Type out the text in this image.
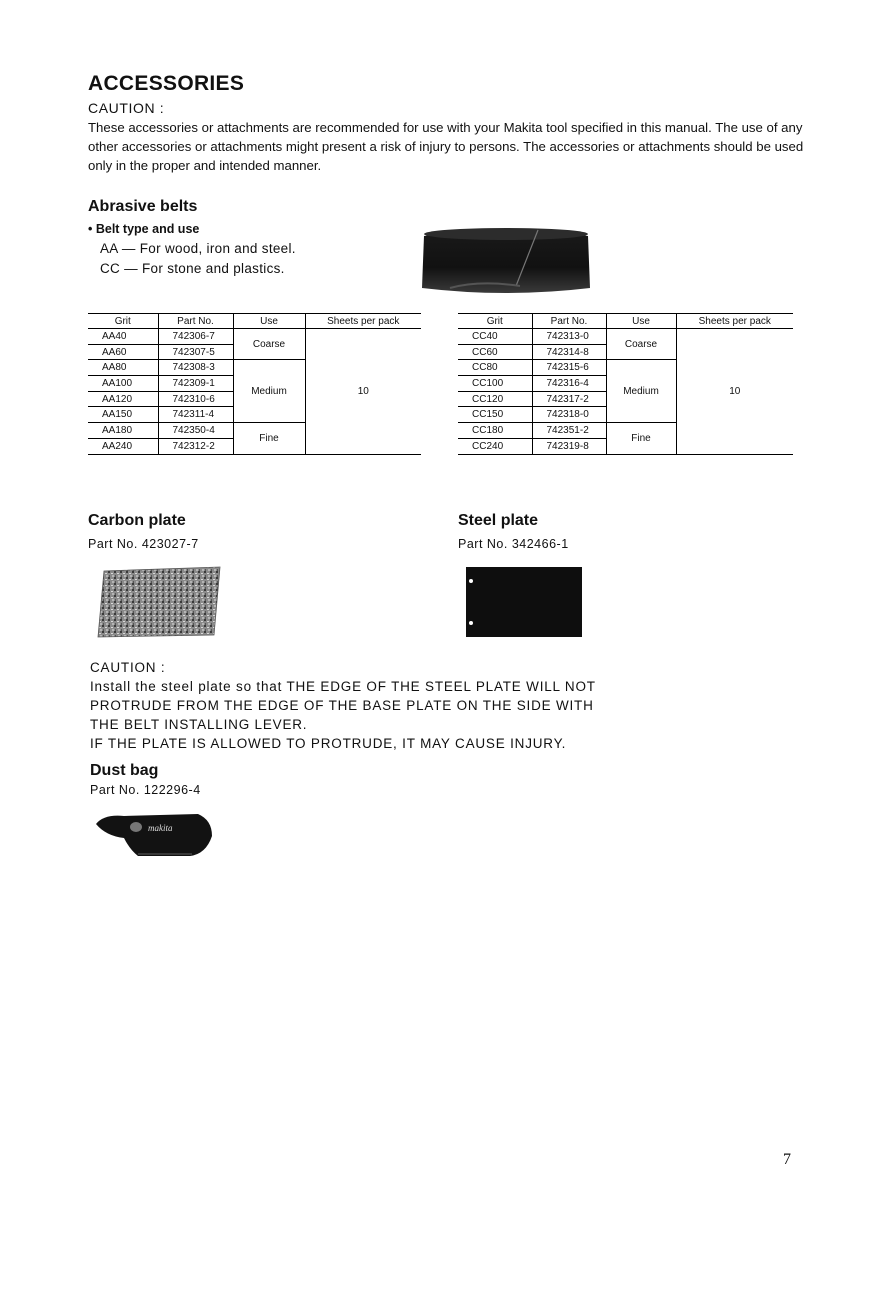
ACCESSORIES
CAUTION :
These accessories or attachments are recommended for use with your Makita tool specified in this manual. The use of any other accessories or attachments might present a risk of injury to persons. The accessories or attachments should be used only in the proper and intended manner.
Abrasive belts
• Belt type and use
AA — For wood, iron and steel.
CC — For stone and plastics.
Grit	Part No.	Use	Sheets per pack
AA40	742306-7	Coarse	10
AA60	742307-5		
AA80	742308-3	Medium	
AA100	742309-1		
AA120	742310-6		
AA150	742311-4		
AA180	742350-4	Fine	
AA240	742312-2		
Grit	Part No.	Use	Sheets per pack
CC40	742313-0	Coarse	10
CC60	742314-8		
CC80	742315-6	Medium	
CC100	742316-4		
CC120	742317-2		
CC150	742318-0		
CC180	742351-2	Fine	
CC240	742319-8		
Carbon plate
Part No. 423027-7
Steel plate
Part No. 342466-1
CAUTION :
Install the steel plate so that THE EDGE OF THE STEEL PLATE WILL NOT
PROTRUDE FROM THE EDGE OF THE BASE PLATE ON THE SIDE WITH
THE BELT INSTALLING LEVER.
IF THE PLATE IS ALLOWED TO PROTRUDE, IT MAY CAUSE INJURY.
Dust bag
Part No. 122296-4
makita
7
